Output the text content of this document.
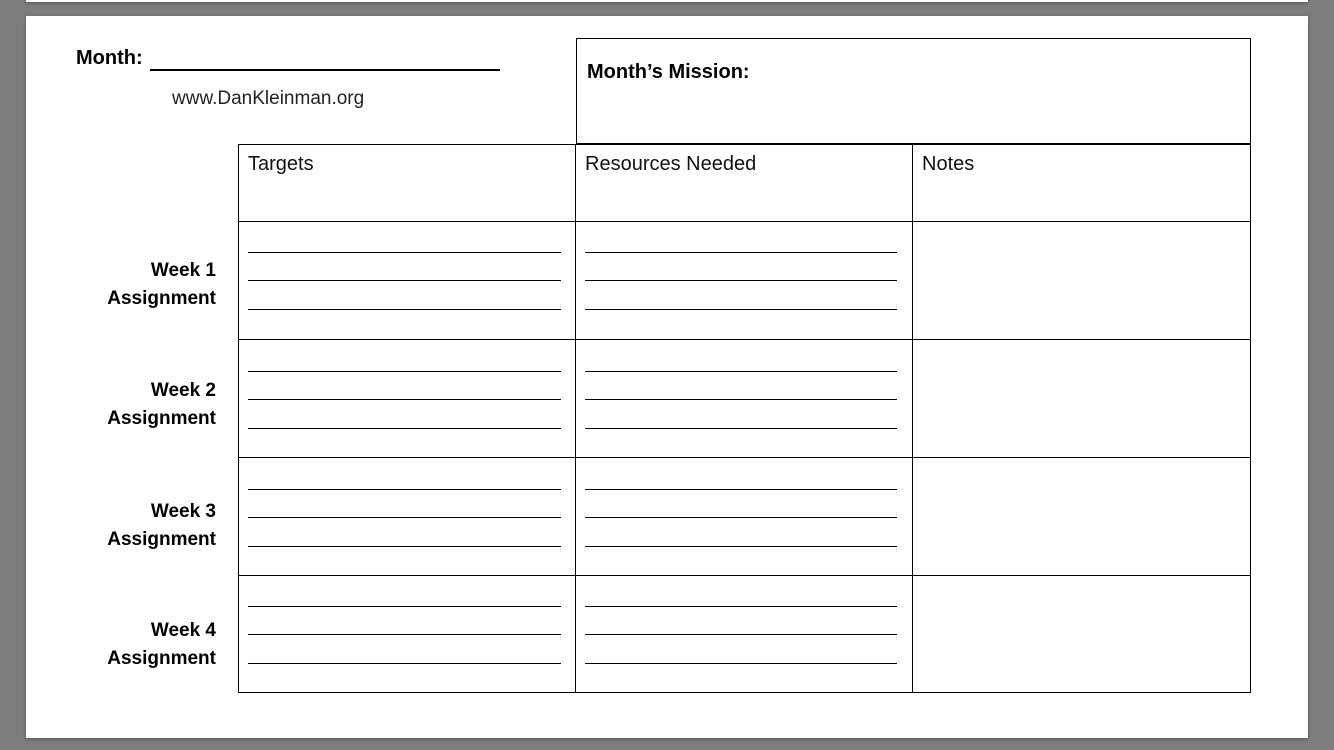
Month:
www.DanKleinman.org
Month’s Mission:
Targets	Resources Needed	Notes
Week 1
Assignment
Week 2
Assignment
Week 3
Assignment
Week 4
Assignment
